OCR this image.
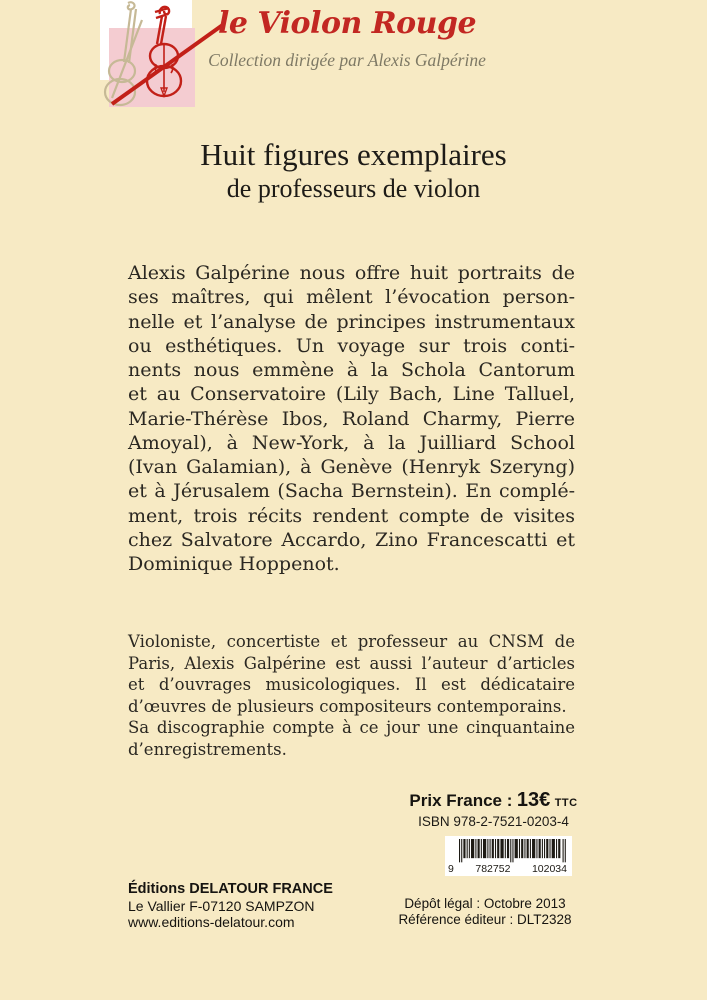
le Violon Rouge
Collection dirigée par Alexis Galpérine
Huit figures exemplaires
de professeurs de violon
Alexis Galpérine nous offre huit portraits de
ses maîtres, qui mêlent l’évocation person-
nelle et l’analyse de principes instrumentaux
ou esthétiques. Un voyage sur trois conti-
nents nous emmène à la Schola Cantorum
et au Conservatoire (Lily Bach, Line Talluel,
Marie-Thérèse Ibos, Roland Charmy, Pierre
Amoyal), à New-York, à la Juilliard School
(Ivan Galamian), à Genève (Henryk Szeryng)
et à Jérusalem (Sacha Bernstein). En complé-
ment, trois récits rendent compte de visites
chez Salvatore Accardo, Zino Francescatti et
Dominique Hoppenot.
Violoniste, concertiste et professeur au CNSM de
Paris, Alexis Galpérine est aussi l’auteur d’articles
et d’ouvrages musicologiques. Il est dédicataire
d’œuvres de plusieurs compositeurs contemporains.
Sa discographie compte à ce jour une cinquantaine
d’enregistrements.
Prix France : 13€ TTC
ISBN 978-2-7521-0203-4
9 782752 102034
Éditions DELATOUR FRANCE
Le Vallier F-07120 SAMPZON
www.editions-delatour.com
Dépôt légal : Octobre 2013
Référence éditeur : DLT2328
